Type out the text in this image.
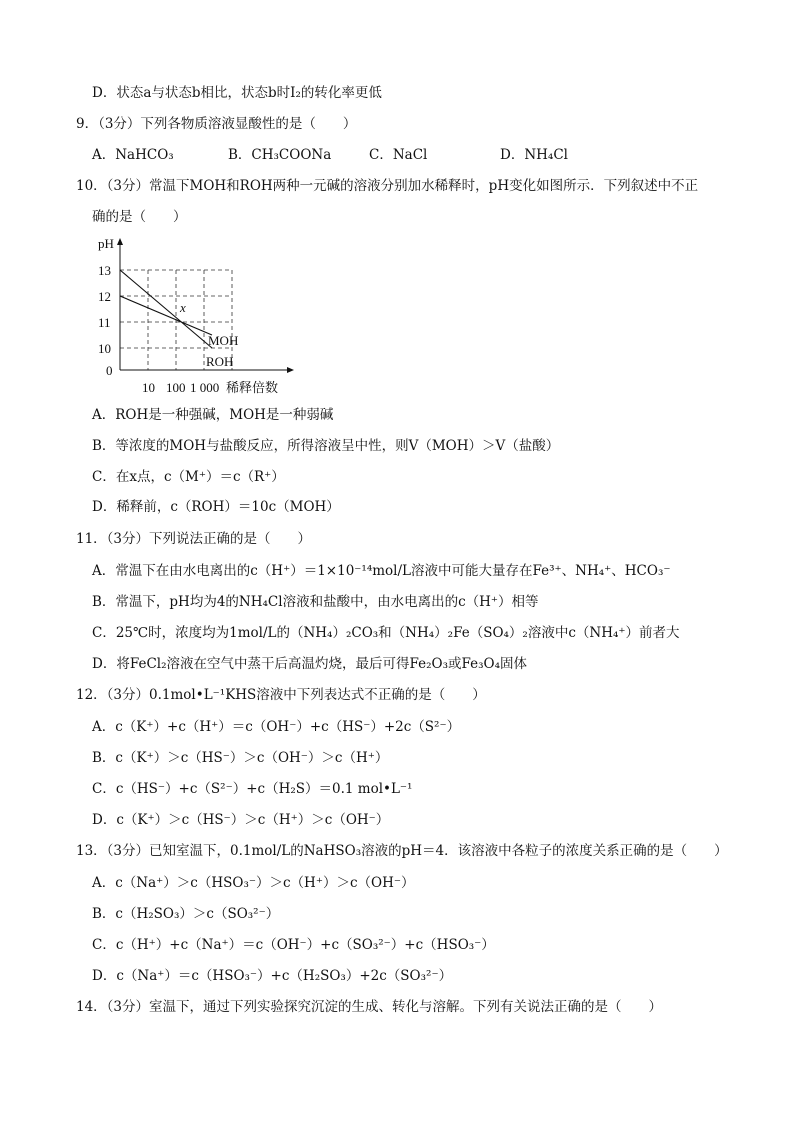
D．状态a与状态b相比，状态b时I₂的转化率更低
9．（3分）下列各物质溶液显酸性的是（　　）
A．NaHCO₃	B．CH₃COONa	C．NaCl	D．NH₄Cl
10．（3分）常温下MOH和ROH两种一元碱的溶液分别加水稀释时，pH变化如图所示．下列叙述中不正
确的是（　　）
pH
0
10
11
12
13
10 100 1 000 稀释倍数
x
MOH
ROH
A．ROH是一种强碱，MOH是一种弱碱
B．等浓度的MOH与盐酸反应，所得溶液呈中性，则V（MOH）＞V（盐酸）
C．在x点，c（M⁺）＝c（R⁺）
D．稀释前，c（ROH）＝10c（MOH）
11．（3分）下列说法正确的是（　　）
A．常温下在由水电离出的c（H⁺）＝1×10⁻¹⁴mol/L溶液中可能大量存在Fe³⁺、NH₄⁺、HCO₃⁻
B．常温下，pH均为4的NH₄Cl溶液和盐酸中，由水电离出的c（H⁺）相等
C．25℃时，浓度均为1mol/L的（NH₄）₂CO₃和（NH₄）₂Fe（SO₄）₂溶液中c（NH₄⁺）前者大
D．将FeCl₂溶液在空气中蒸干后高温灼烧，最后可得Fe₂O₃或Fe₃O₄固体
12．（3分）0.1mol•L⁻¹KHS溶液中下列表达式不正确的是（　　）
A．c（K⁺）+c（H⁺）＝c（OH⁻）+c（HS⁻）+2c（S²⁻）
B．c（K⁺）＞c（HS⁻）＞c（OH⁻）＞c（H⁺）
C．c（HS⁻）+c（S²⁻）+c（H₂S）＝0.1 mol•L⁻¹
D．c（K⁺）＞c（HS⁻）＞c（H⁺）＞c（OH⁻）
13．（3分）已知室温下，0.1mol/L的NaHSO₃溶液的pH＝4．该溶液中各粒子的浓度关系正确的是（　　）
A．c（Na⁺）＞c（HSO₃⁻）＞c（H⁺）＞c（OH⁻）
B．c（H₂SO₃）＞c（SO₃²⁻）
C．c（H⁺）+c（Na⁺）＝c（OH⁻）+c（SO₃²⁻）+c（HSO₃⁻）
D．c（Na⁺）＝c（HSO₃⁻）+c（H₂SO₃）+2c（SO₃²⁻）
14．（3分）室温下，通过下列实验探究沉淀的生成、转化与溶解。下列有关说法正确的是（　　）
